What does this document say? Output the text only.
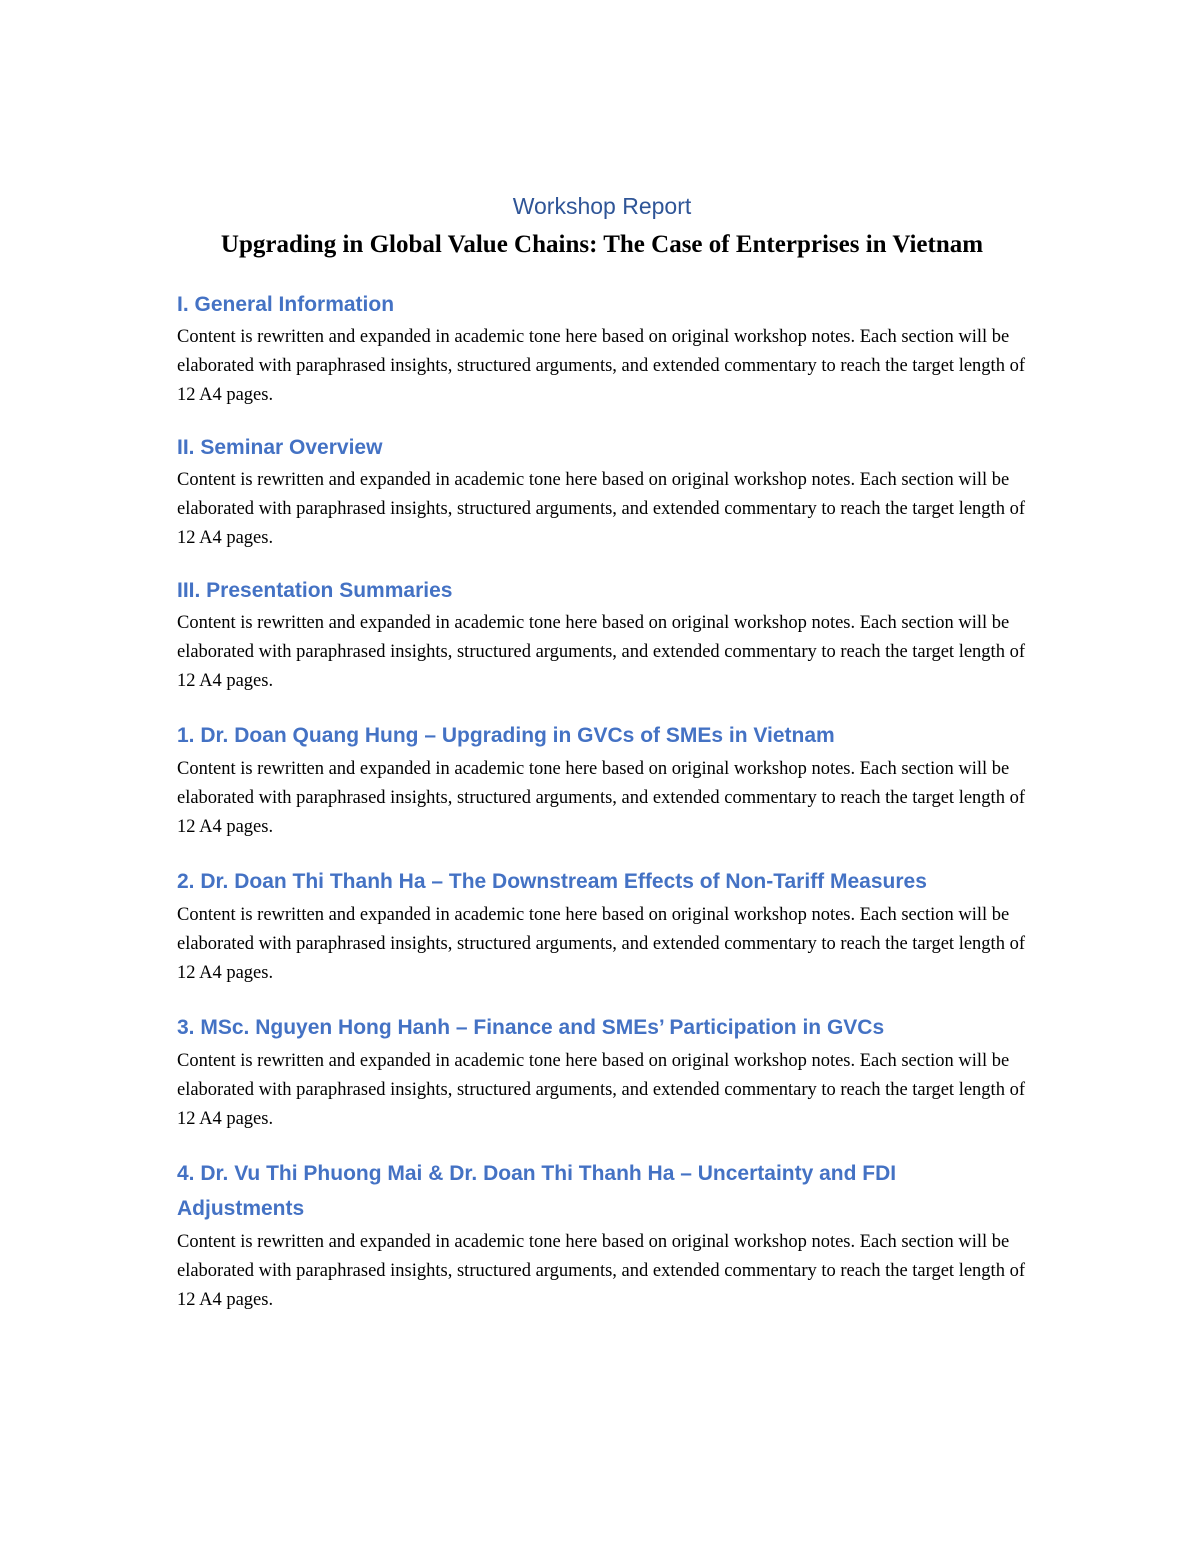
Workshop Report

Upgrading in Global Value Chains: The Case of Enterprises in Vietnam
I. General Information

Content is rewritten and expanded in academic tone here based on original workshop notes. Each section will be elaborated with paraphrased insights, structured arguments, and extended commentary to reach the target length of 12 A4 pages.

II. Seminar Overview

Content is rewritten and expanded in academic tone here based on original workshop notes. Each section will be elaborated with paraphrased insights, structured arguments, and extended commentary to reach the target length of 12 A4 pages.

III. Presentation Summaries

Content is rewritten and expanded in academic tone here based on original workshop notes. Each section will be elaborated with paraphrased insights, structured arguments, and extended commentary to reach the target length of 12 A4 pages.

1. Dr. Doan Quang Hung – Upgrading in GVCs of SMEs in Vietnam

Content is rewritten and expanded in academic tone here based on original workshop notes. Each section will be elaborated with paraphrased insights, structured arguments, and extended commentary to reach the target length of 12 A4 pages.

2. Dr. Doan Thi Thanh Ha – The Downstream Effects of Non-Tariff Measures

Content is rewritten and expanded in academic tone here based on original workshop notes. Each section will be elaborated with paraphrased insights, structured arguments, and extended commentary to reach the target length of 12 A4 pages.

3. MSc. Nguyen Hong Hanh – Finance and SMEs’ Participation in GVCs

Content is rewritten and expanded in academic tone here based on original workshop notes. Each section will be elaborated with paraphrased insights, structured arguments, and extended commentary to reach the target length of 12 A4 pages.

4. Dr. Vu Thi Phuong Mai & Dr. Doan Thi Thanh Ha – Uncertainty and FDI Adjustments

Content is rewritten and expanded in academic tone here based on original workshop notes. Each section will be elaborated with paraphrased insights, structured arguments, and extended commentary to reach the target length of 12 A4 pages.
